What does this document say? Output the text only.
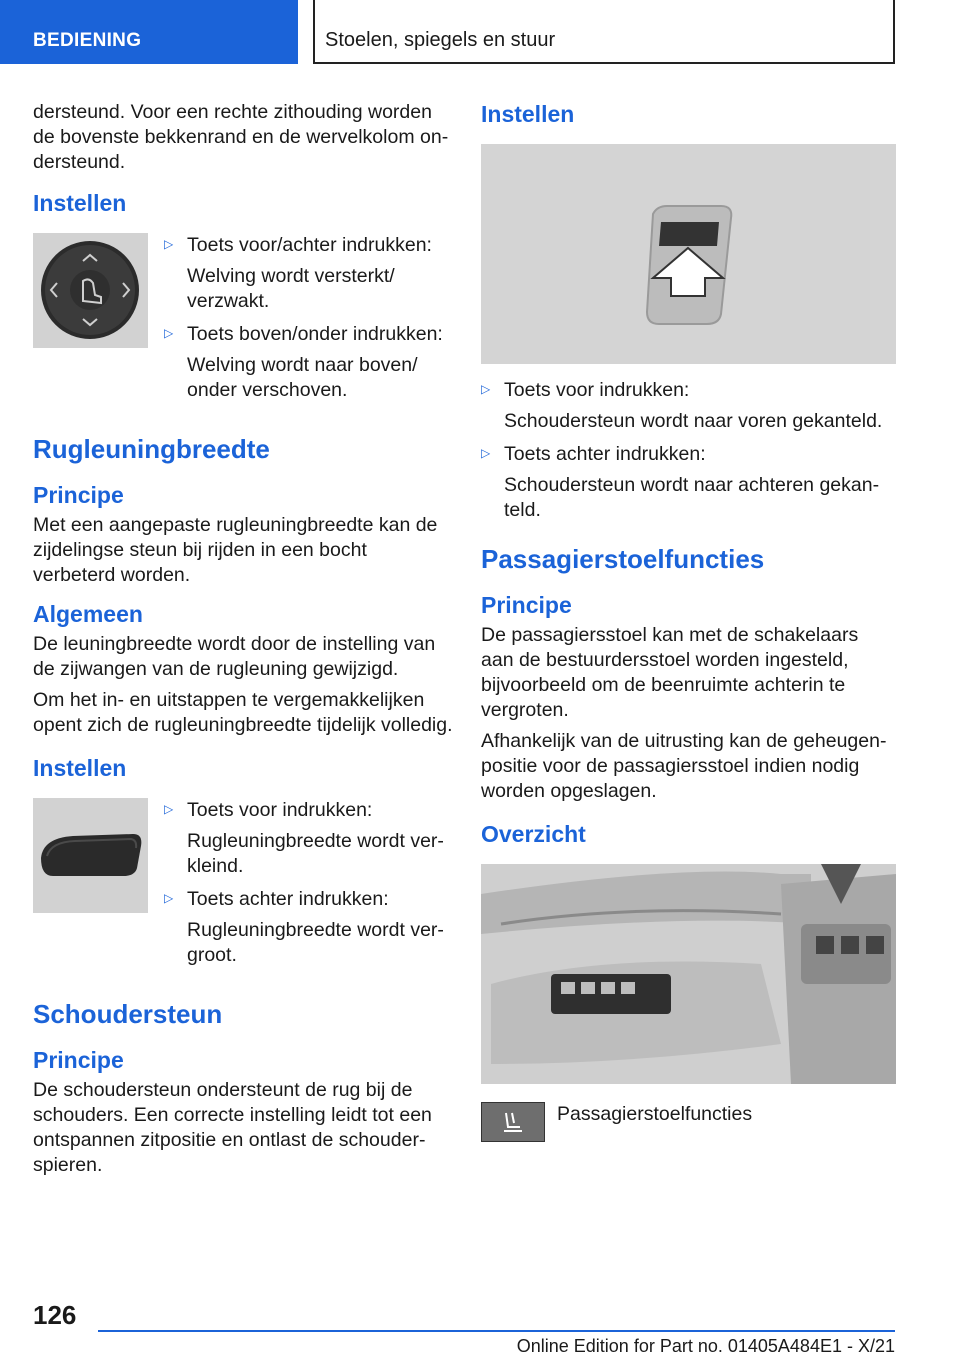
BEDIENING	Stoelen, spiegels en stuur

dersteund. Voor een rechte zithouding worden de bovenste bekkenrand en de wervelkolom ondersteund.

Instellen
▷ Toets voor/achter indrukken:
Welving wordt versterkt/ verzwakt.
▷ Toets boven/onder indrukken:
Welving wordt naar boven/ onder verschoven.
Rugleuningbreedte
Principe

Met een aangepaste rugleuningbreedte kan de zijdelingse steun bij rijden in een bocht verbeterd worden.

Algemeen

De leuningbreedte wordt door de instelling van de zijwangen van de rugleuning gewijzigd.

Om het in- en uitstappen te vergemakkelijken opent zich de rugleuningbreedte tijdelijk volledig.

Instellen
▷ Toets voor indrukken:
Rugleuningbreedte wordt verkleind.
▷ Toets achter indrukken:
Rugleuningbreedte wordt vergroot.
Schoudersteun
Principe

De schoudersteun ondersteunt de rug bij de schouders. Een correcte instelling leidt tot een ontspannen zitpositie en ontlast de schouderspieren.

Instellen
▷ Toets voor indrukken:
Schoudersteun wordt naar voren gekanteld.
▷ Toets achter indrukken:
Schoudersteun wordt naar achteren gekanteld.
Passagierstoelfuncties
Principe

De passagiersstoel kan met de schakelaars aan de bestuurdersstoel worden ingesteld, bijvoorbeeld om de beenruimte achterin te vergroten.

Afhankelijk van de uitrusting kan de geheugenpositie voor de passagiersstoel indien nodig worden opgeslagen.

Overzicht
Passagierstoelfuncties
126
Online Edition for Part no. 01405A484E1 - X/21
